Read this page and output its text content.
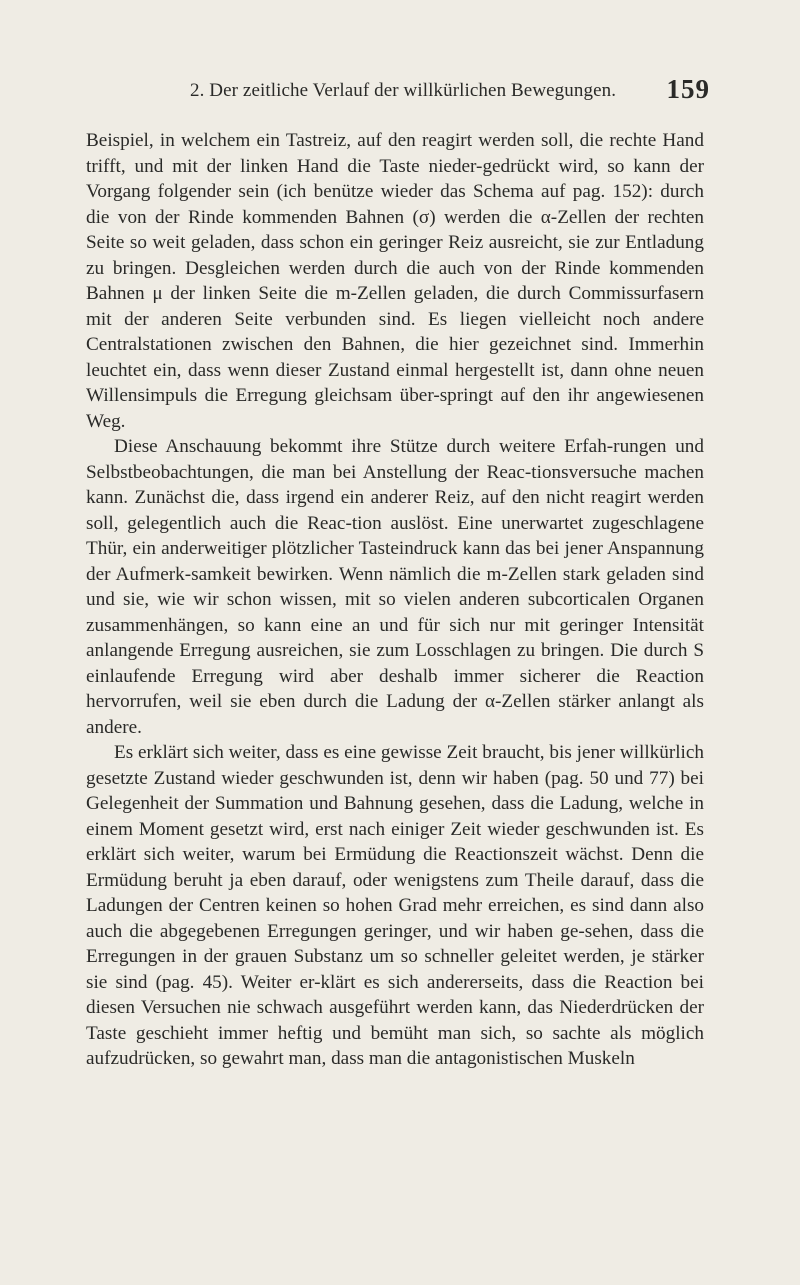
2. Der zeitliche Verlauf der willkürlichen Bewegungen. 159

Beispiel, in welchem ein Tastreiz, auf den reagirt werden soll, die rechte Hand trifft, und mit der linken Hand die Taste nieder-gedrückt wird, so kann der Vorgang folgender sein (ich benütze wieder das Schema auf pag. 152): durch die von der Rinde kommenden Bahnen (σ) werden die α-Zellen der rechten Seite so weit geladen, dass schon ein geringer Reiz ausreicht, sie zur Entladung zu bringen. Desgleichen werden durch die auch von der Rinde kommenden Bahnen μ der linken Seite die m-Zellen geladen, die durch Commissurfasern mit der anderen Seite verbunden sind. Es liegen vielleicht noch andere Centralstationen zwischen den Bahnen, die hier gezeichnet sind. Immerhin leuchtet ein, dass wenn dieser Zustand einmal hergestellt ist, dann ohne neuen Willensimpuls die Erregung gleichsam über-springt auf den ihr angewiesenen Weg.

Diese Anschauung bekommt ihre Stütze durch weitere Erfah-rungen und Selbstbeobachtungen, die man bei Anstellung der Reac-tionsversuche machen kann. Zunächst die, dass irgend ein anderer Reiz, auf den nicht reagirt werden soll, gelegentlich auch die Reac-tion auslöst. Eine unerwartet zugeschlagene Thür, ein anderweitiger plötzlicher Tasteindruck kann das bei jener Anspannung der Aufmerk-samkeit bewirken. Wenn nämlich die m-Zellen stark geladen sind und sie, wie wir schon wissen, mit so vielen anderen subcorticalen Organen zusammenhängen, so kann eine an und für sich nur mit geringer Intensität anlangende Erregung ausreichen, sie zum Losschlagen zu bringen. Die durch S einlaufende Erregung wird aber deshalb immer sicherer die Reaction hervorrufen, weil sie eben durch die Ladung der α-Zellen stärker anlangt als andere.

Es erklärt sich weiter, dass es eine gewisse Zeit braucht, bis jener willkürlich gesetzte Zustand wieder geschwunden ist, denn wir haben (pag. 50 und 77) bei Gelegenheit der Summation und Bahnung gesehen, dass die Ladung, welche in einem Moment gesetzt wird, erst nach einiger Zeit wieder geschwunden ist. Es erklärt sich weiter, warum bei Ermüdung die Reactionszeit wächst. Denn die Ermüdung beruht ja eben darauf, oder wenigstens zum Theile darauf, dass die Ladungen der Centren keinen so hohen Grad mehr erreichen, es sind dann also auch die abgegebenen Erregungen geringer, und wir haben ge-sehen, dass die Erregungen in der grauen Substanz um so schneller geleitet werden, je stärker sie sind (pag. 45). Weiter er-klärt es sich andererseits, dass die Reaction bei diesen Versuchen nie schwach ausgeführt werden kann, das Niederdrücken der Taste geschieht immer heftig und bemüht man sich, so sachte als möglich aufzudrücken, so gewahrt man, dass man die antagonistischen Muskeln
